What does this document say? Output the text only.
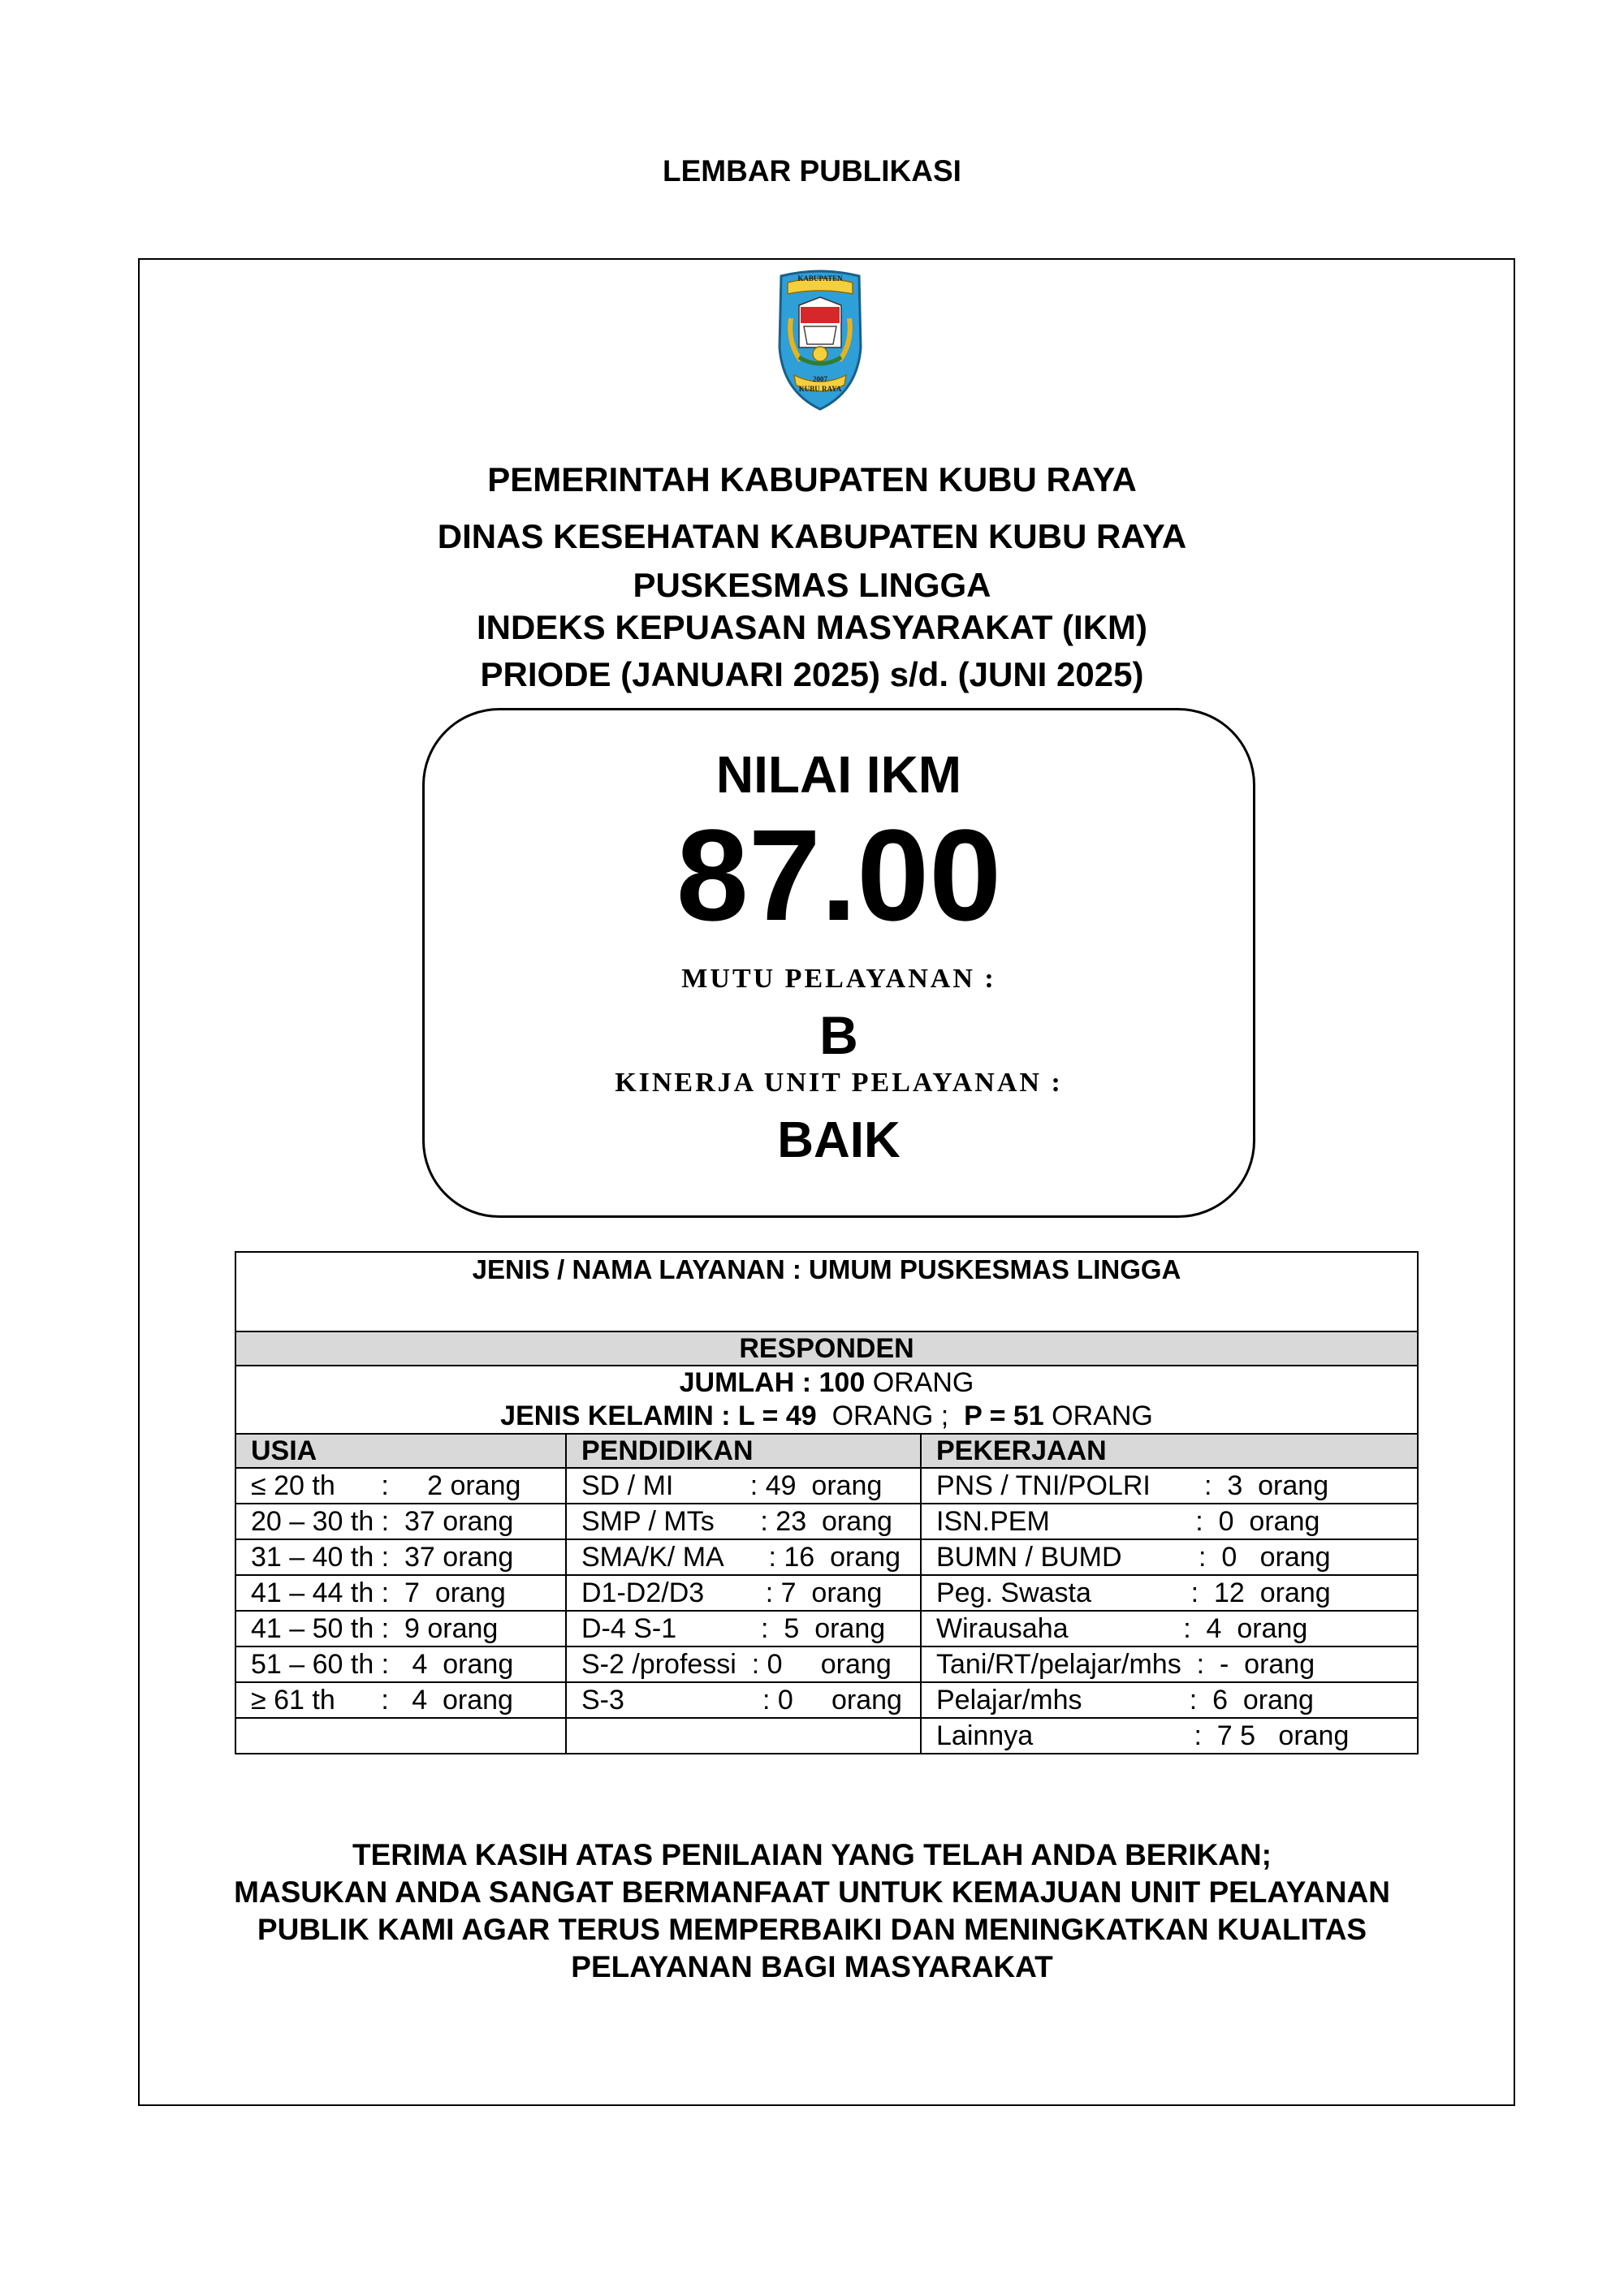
LEMBAR PUBLIKASI
KABUPATEN
2007
KUBU RAYA
PEMERINTAH KABUPATEN KUBU RAYA
DINAS KESEHATAN KABUPATEN KUBU RAYA
PUSKESMAS LINGGA
INDEKS KEPUASAN MASYARAKAT (IKM)
PRIODE (JANUARI 2025) s/d. (JUNI 2025)
NILAI IKM
87.00
MUTU PELAYANAN :
B
KINERJA UNIT PELAYANAN :
BAIK
JENIS / NAMA LAYANAN : UMUM PUSKESMAS LINGGA		
RESPONDEN		

JUMLAH : 100 ORANG
JENIS KELAMIN : L = 49 ORANG ; P = 51 ORANG		

USIA	PENDIDIKAN	PEKERJAAN
≤ 20 th      :     2 orang	SD / MI          : 49  orang	PNS / TNI/POLRI       :  3  orang
20 – 30 th :  37 orang	SMP / MTs      : 23  orang	ISN.PEM                   :  0  orang
31 – 40 th :  37 orang	SMA/K/ MA      : 16  orang	BUMN / BUMD          :  0   orang
41 – 44 th :  7  orang	D1-D2/D3        : 7  orang	Peg. Swasta             :  12  orang
41 – 50 th :  9 orang	D-4 S-1           :  5  orang	Wirausaha               :  4  orang
51 – 60 th :   4  orang	S-2 /professi  : 0     orang	Tani/RT/pelajar/mhs  :  -  orang
≥ 61 th      :   4  orang	S-3                  : 0     orang	Pelajar/mhs              :  6  orang
		Lainnya                     :  7 5   orang
TERIMA KASIH ATAS PENILAIAN YANG TELAH ANDA BERIKAN;
MASUKAN ANDA SANGAT BERMANFAAT UNTUK KEMAJUAN UNIT PELAYANAN
PUBLIK KAMI AGAR TERUS MEMPERBAIKI DAN MENINGKATKAN KUALITAS
PELAYANAN BAGI MASYARAKAT
